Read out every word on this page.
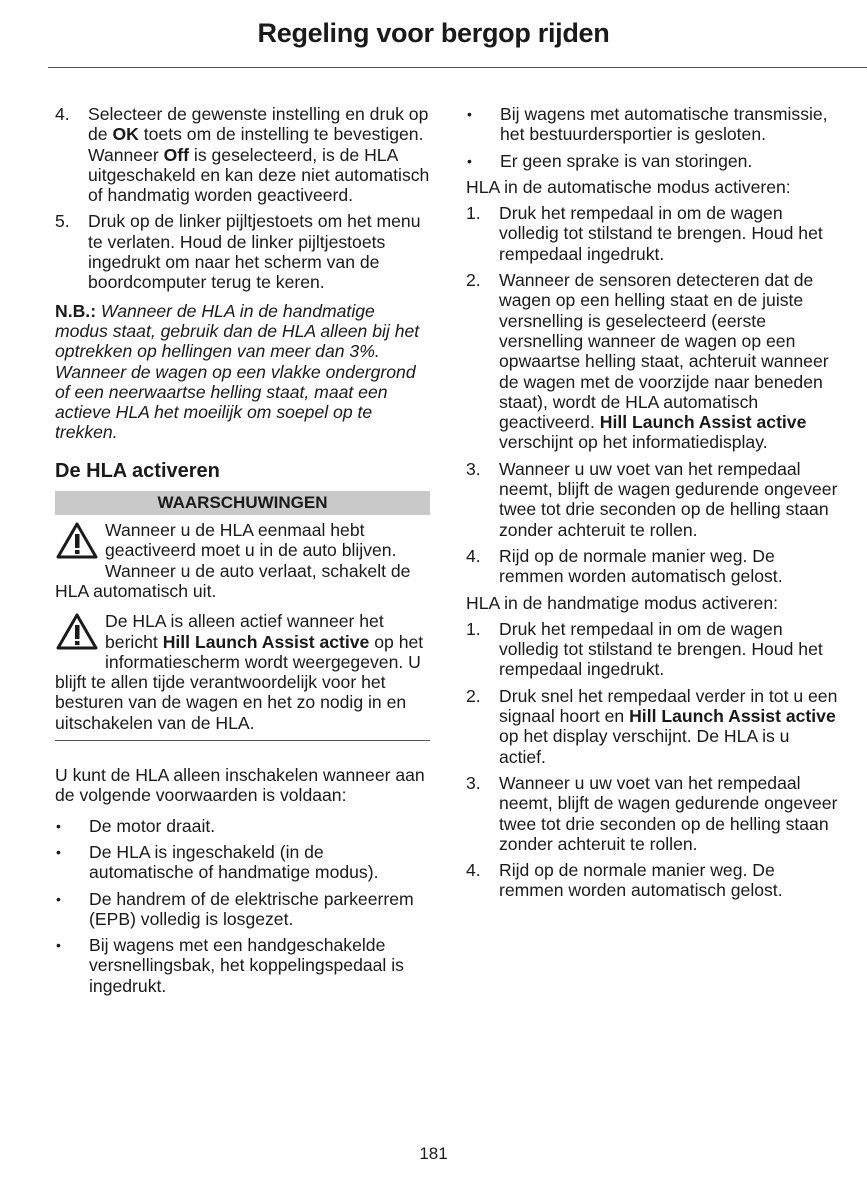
Regeling voor bergop rijden
4.	Selecteer de gewenste instelling en druk op de OK toets om de instelling te bevestigen. Wanneer Off is geselecteerd, is de HLA uitgeschakeld en kan deze niet automatisch of handmatig worden geactiveerd.
5.	Druk op de linker pijltjestoets om het menu te verlaten. Houd de linker pijltjestoets ingedrukt om naar het scherm van de boordcomputer terug te keren.
N.B.: Wanneer de HLA in de handmatige modus staat, gebruik dan de HLA alleen bij het optrekken op hellingen van meer dan 3%. Wanneer de wagen op een vlakke ondergrond of een neerwaartse helling staat, maat een actieve HLA het moeilijk om soepel op te trekken.
De HLA activeren
WAARSCHUWINGEN
Wanneer u de HLA eenmaal hebt geactiveerd moet u in de auto blijven. Wanneer u de auto verlaat, schakelt de HLA automatisch uit.
De HLA is alleen actief wanneer het bericht Hill Launch Assist active op het informatiescherm wordt weergegeven. U blijft te allen tijde verantwoordelijk voor het besturen van de wagen en het zo nodig in en uitschakelen van de HLA.
U kunt de HLA alleen inschakelen wanneer aan de volgende voorwaarden is voldaan:
•	De motor draait.
•	De HLA is ingeschakeld (in de automatische of handmatige modus).
•	De handrem of de elektrische parkeerrem (EPB) volledig is losgezet.
•	Bij wagens met een handgeschakelde versnellingsbak, het koppelingspedaal is ingedrukt.
•	Bij wagens met automatische transmissie, het bestuurdersportier is gesloten.
•	Er geen sprake is van storingen.
HLA in de automatische modus activeren:
1.	Druk het rempedaal in om de wagen volledig tot stilstand te brengen. Houd het rempedaal ingedrukt.
2.	Wanneer de sensoren detecteren dat de wagen op een helling staat en de juiste versnelling is geselecteerd (eerste versnelling wanneer de wagen op een opwaartse helling staat, achteruit wanneer de wagen met de voorzijde naar beneden staat), wordt de HLA automatisch geactiveerd. Hill Launch Assist active verschijnt op het informatiedisplay.
3.	Wanneer u uw voet van het rempedaal neemt, blijft de wagen gedurende ongeveer twee tot drie seconden op de helling staan zonder achteruit te rollen.
4.	Rijd op de normale manier weg. De remmen worden automatisch gelost.
HLA in de handmatige modus activeren:
1.	Druk het rempedaal in om de wagen volledig tot stilstand te brengen. Houd het rempedaal ingedrukt.
2.	Druk snel het rempedaal verder in tot u een signaal hoort en Hill Launch Assist active op het display verschijnt. De HLA is u actief.
3.	Wanneer u uw voet van het rempedaal neemt, blijft de wagen gedurende ongeveer twee tot drie seconden op de helling staan zonder achteruit te rollen.
4.	Rijd op de normale manier weg. De remmen worden automatisch gelost.
181
